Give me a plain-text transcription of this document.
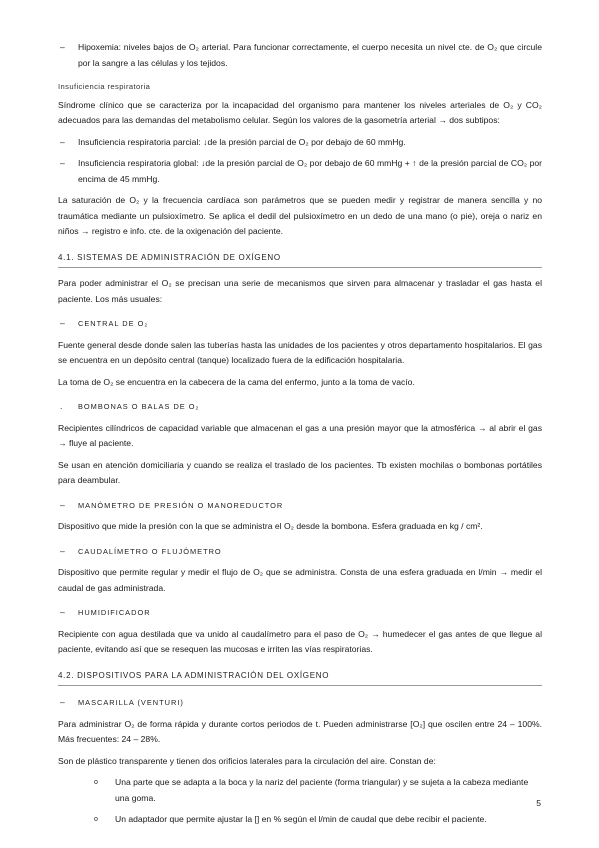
– Hipoxemia: niveles bajos de O₂ arterial. Para funcionar correctamente, el cuerpo necesita un nivel cte. de O₂ que circule por la sangre a las células y los tejidos.
Insuficiencia respiratoria

Síndrome clínico que se caracteriza por la incapacidad del organismo para mantener los niveles arteriales de O₂ y CO₂ adecuados para las demandas del metabolismo celular. Según los valores de la gasometría arterial → dos subtipos:

– Insuficiencia respiratoria parcial: ↓de la presión parcial de O₂ por debajo de 60 mmHg.
– Insuficiencia respiratoria global: ↓de la presión parcial de O₂ por debajo de 60 mmHg + ↑ de la presión parcial de CO₂ por encima de 45 mmHg.

La saturación de O₂ y la frecuencia cardíaca son parámetros que se pueden medir y registrar de manera sencilla y no traumática mediante un pulsioxímetro. Se aplica el dedil del pulsioxímetro en un dedo de una mano (o pie), oreja o nariz en niños → registro e info. cte. de la oxigenación del paciente.

4.1. SISTEMAS DE ADMINISTRACIÓN DE OXÍGENO

Para poder administrar el O₂ se precisan una serie de mecanismos que sirven para almacenar y trasladar el gas hasta el paciente. Los más usuales:

– CENTRAL DE O₂

Fuente general desde donde salen las tuberías hasta las unidades de los pacientes y otros departamento hospitalarios. El gas se encuentra en un depósito central (tanque) localizado fuera de la edificación hospitalaria.

La toma de O₂ se encuentra en la cabecera de la cama del enfermo, junto a la toma de vacío.

. BOMBONAS O BALAS DE O₂

Recipientes cilíndricos de capacidad variable que almacenan el gas a una presión mayor que la atmosférica → al abrir el gas → fluye al paciente.

Se usan en atención domiciliaria y cuando se realiza el traslado de los pacientes. Tb existen mochilas o bombonas portátiles para deambular.

– MANÓMETRO DE PRESIÓN O MANOREDUCTOR

Dispositivo que mide la presión con la que se administra el O₂ desde la bombona. Esfera graduada en kg / cm².

– CAUDALÍMETRO O FLUJÓMETRO

Dispositivo que permite regular y medir el flujo de O₂ que se administra. Consta de una esfera graduada en l/min → medir el caudal de gas administrada.

– HUMIDIFICADOR

Recipiente con agua destilada que va unido al caudalímetro para el paso de O₂ → humedecer el gas antes de que llegue al paciente, evitando así que se resequen las mucosas e irriten las vías respiratorias.

4.2. DISPOSITIVOS PARA LA ADMINISTRACIÓN DEL OXÍGENO
– MASCARILLA (VENTURI)

Para administrar O₂ de forma rápida y durante cortos periodos de t. Pueden administrarse [O₂] que oscilen entre 24 – 100%. Más frecuentes: 24 – 28%.

Son de plástico transparente y tienen dos orificios laterales para la circulación del aire. Constan de:

o Una parte que se adapta a la boca y la nariz del paciente (forma triangular) y se sujeta a la cabeza mediante una goma.
o Un adaptador que permite ajustar la [] en % según el l/min de caudal que debe recibir el paciente.
5
